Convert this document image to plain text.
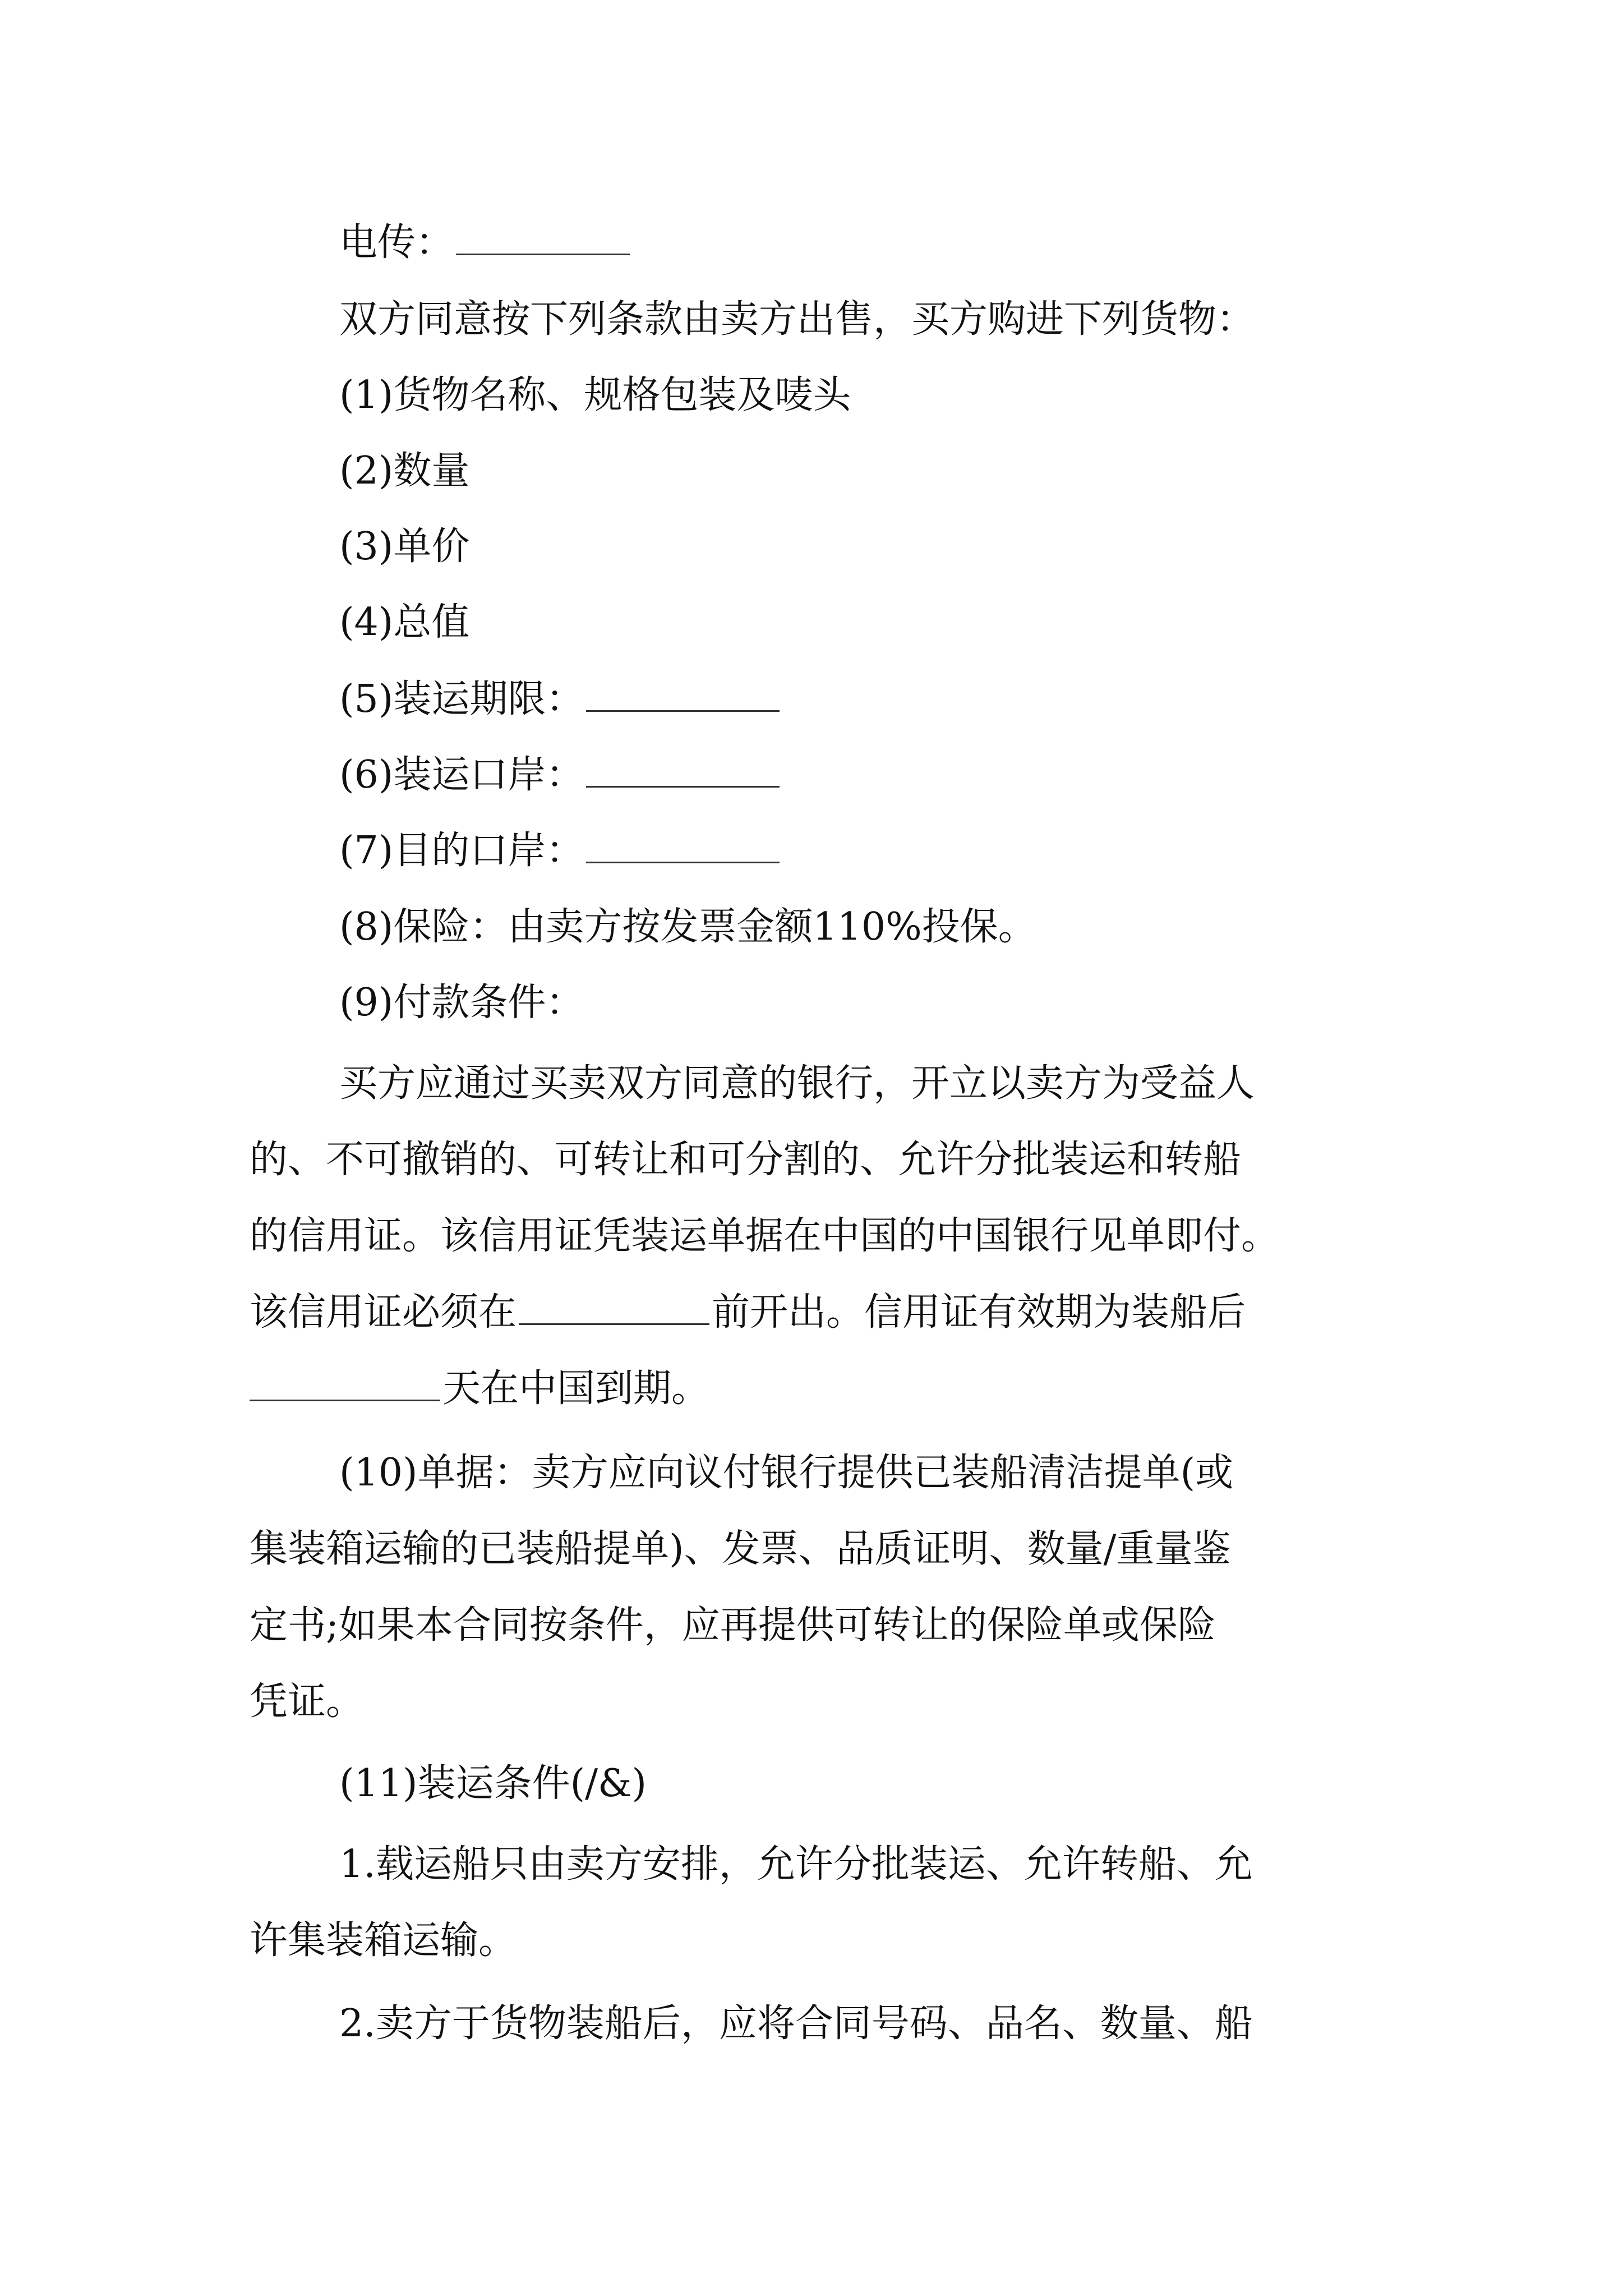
电传：
双方同意按下列条款由卖方出售，买方购进下列货物：
(1)货物名称、规格包装及唛头
(2)数量
(3)单价
(4)总值
(5)装运期限：
(6)装运口岸：
(7)目的口岸：
(8)保险：由卖方按发票金额110%投保。
(9)付款条件：
买方应通过买卖双方同意的银行，开立以卖方为受益人
的、不可撤销的、可转让和可分割的、允许分批装运和转船
的信用证。该信用证凭装运单据在中国的中国银行见单即付。
该信用证必须在	前开出。信用证有效期为装船后
天在中国到期。
(10)单据：卖方应向议付银行提供已装船清洁提单(或
集装箱运输的已装船提单)、发票、品质证明、数量/重量鉴
定书;如果本合同按条件，应再提供可转让的保险单或保险
凭证。
(11)装运条件(/&)
1.载运船只由卖方安排，允许分批装运、允许转船、允
许集装箱运输。
2.卖方于货物装船后，应将合同号码、品名、数量、船
